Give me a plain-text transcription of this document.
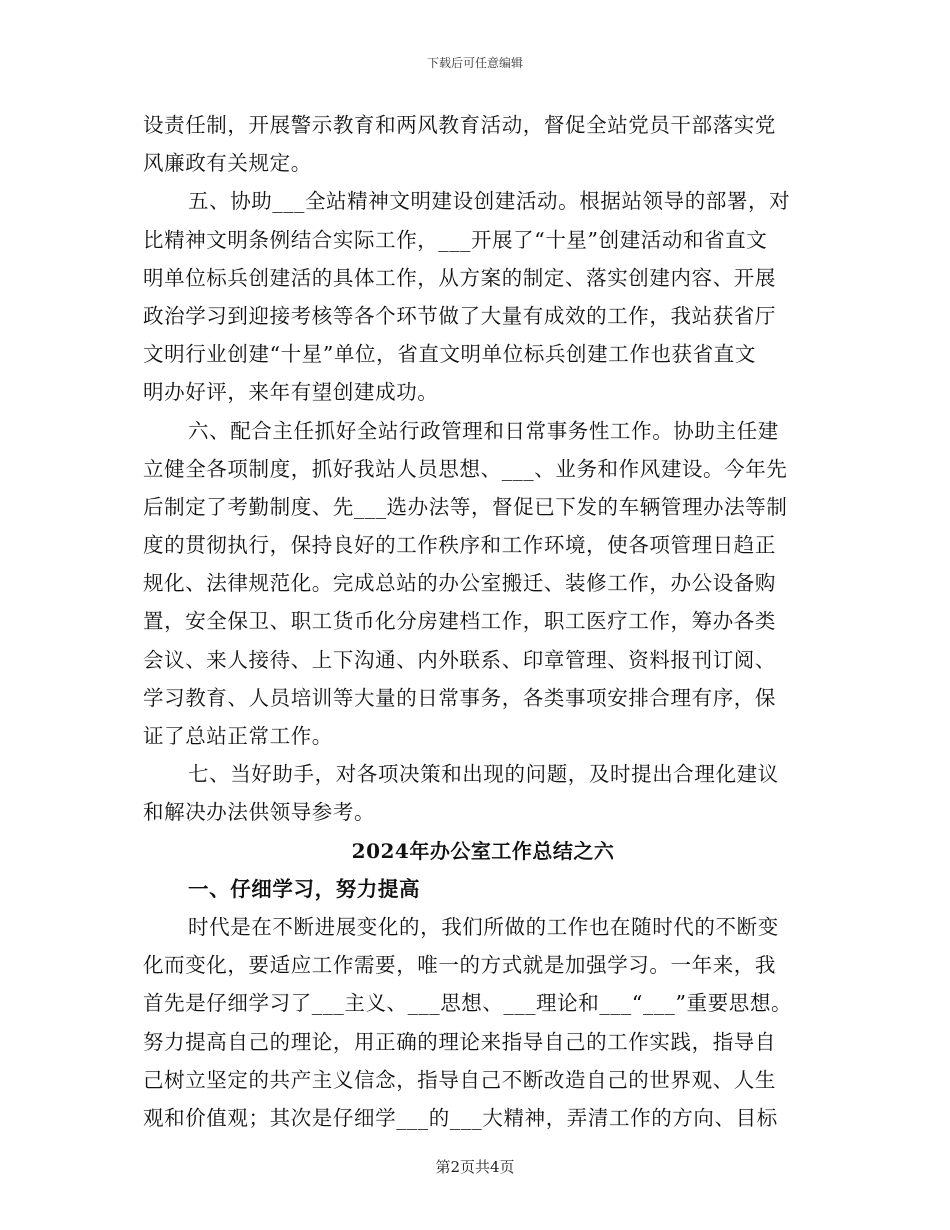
下载后可任意编辑
设责任制，开展警示教育和两风教育活动，督促全站党员干部落实党
风廉政有关规定。
五、协助___全站精神文明建设创建活动。根据站领导的部署，对
比精神文明条例结合实际工作，___开展了“十星”创建活动和省直文
明单位标兵创建活的具体工作，从方案的制定、落实创建内容、开展
政治学习到迎接考核等各个环节做了大量有成效的工作，我站获省厅
文明行业创建“十星”单位，省直文明单位标兵创建工作也获省直文
明办好评，来年有望创建成功。
六、配合主任抓好全站行政管理和日常事务性工作。协助主任建
立健全各项制度，抓好我站人员思想、___、业务和作风建设。今年先
后制定了考勤制度、先___选办法等，督促已下发的车辆管理办法等制
度的贯彻执行，保持良好的工作秩序和工作环境，使各项管理日趋正
规化、法律规范化。完成总站的办公室搬迁、装修工作，办公设备购
置，安全保卫、职工货币化分房建档工作，职工医疗工作，筹办各类
会议、来人接待、上下沟通、内外联系、印章管理、资料报刊订阅、
学习教育、人员培训等大量的日常事务，各类事项安排合理有序，保
证了总站正常工作。
七、当好助手，对各项决策和出现的问题，及时提出合理化建议
和解决办法供领导参考。
2024年办公室工作总结之六
一、仔细学习，努力提高
时代是在不断进展变化的，我们所做的工作也在随时代的不断变
化而变化，要适应工作需要，唯一的方式就是加强学习。一年来，我
首先是仔细学习了___主义、___思想、___理论和___“___”重要思想。
努力提高自己的理论，用正确的理论来指导自己的工作实践，指导自
己树立坚定的共产主义信念，指导自己不断改造自己的世界观、人生
观和价值观；其次是仔细学___的___大精神，弄清工作的方向、目标
第2页共4页
